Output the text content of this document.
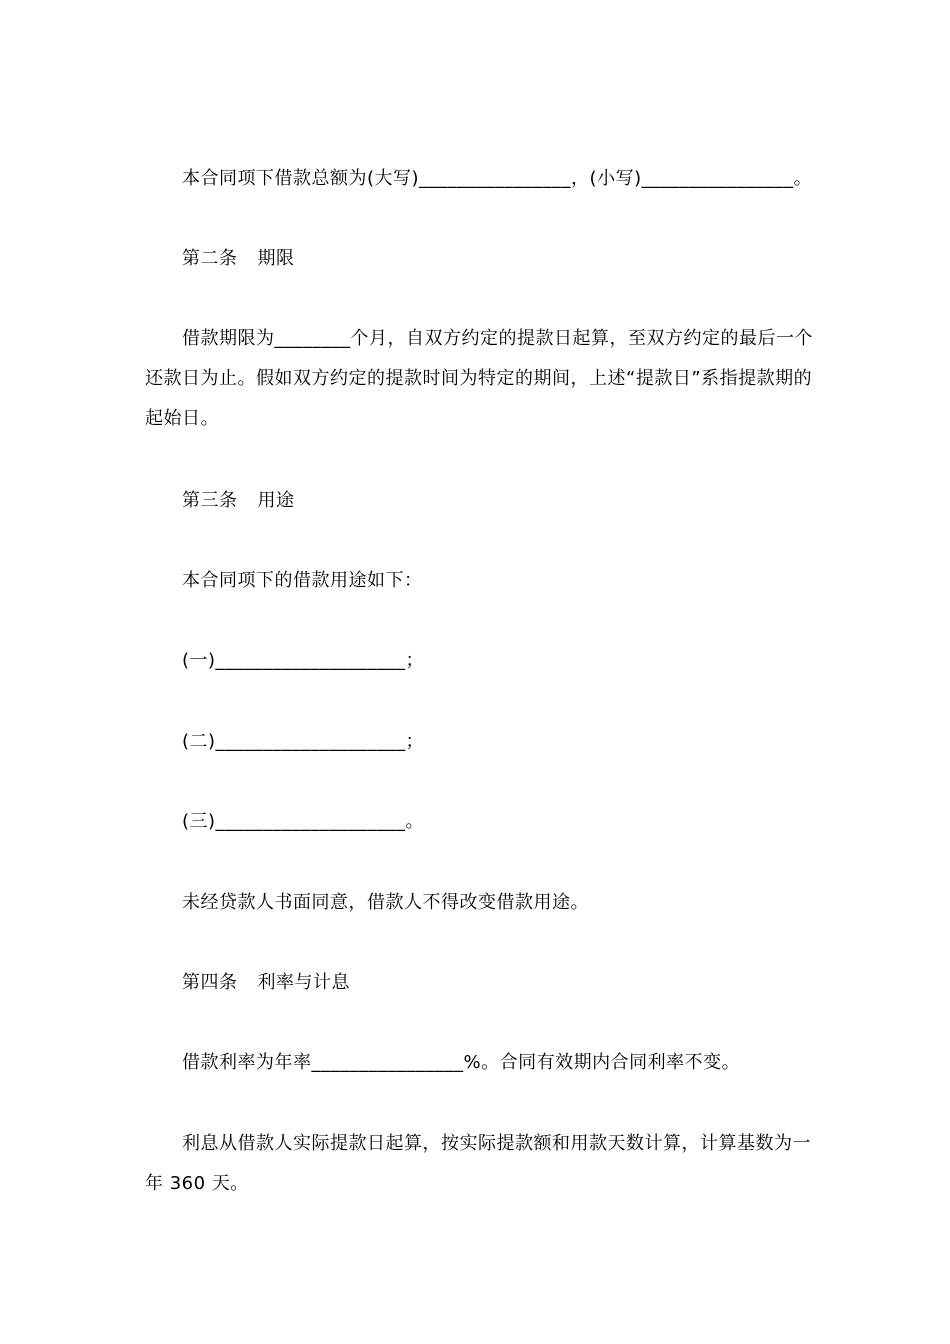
本合同项下借款总额为(大写)________________，(小写)________________。

第二条 期限

借款期限为________个月，自双方约定的提款日起算，至双方约定的最后一个还款日为止。假如双方约定的提款时间为特定的期间，上述“提款日”系指提款期的起始日。

第三条 用途

本合同项下的借款用途如下：

(一)____________________；

(二)____________________；

(三)____________________。

未经贷款人书面同意，借款人不得改变借款用途。

第四条 利率与计息

借款利率为年率________________%。合同有效期内合同利率不变。

利息从借款人实际提款日起算，按实际提款额和用款天数计算，计算基数为一年 360 天。
